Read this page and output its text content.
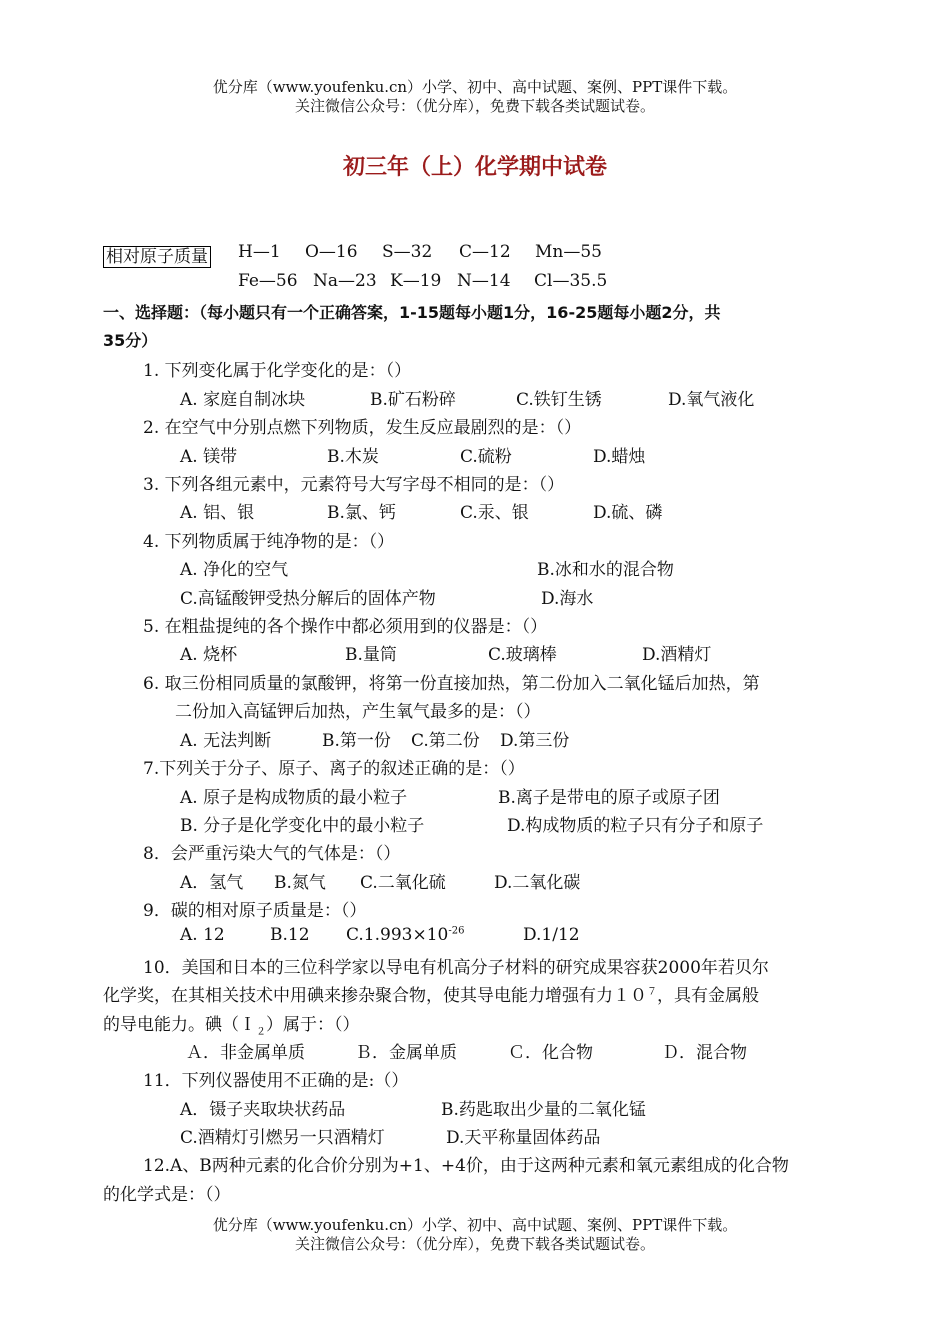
优分库（www.youfenku.cn）小学、初中、高中试题、案例、PPT课件下载。
关注微信公众号：（优分库），免费下载各类试题试卷。
初三年（上）化学期中试卷
相对原子质量 H—1 O—16 S—32 C—12 Mn—55
Fe—56 Na—23 K—19 N—14 Cl—35.5
一、选择题：（每小题只有一个正确答案，1-15题每小题1分，16-25题每小题2分，共
35分）
1. 下列变化属于化学变化的是：（）
A. 家庭自制冰块	B.矿石粉碎	C.铁钉生锈	D.氧气液化
2. 在空气中分别点燃下列物质，发生反应最剧烈的是：（）
A. 镁带	B.木炭	C.硫粉	D.蜡烛
3. 下列各组元素中，元素符号大写字母不相同的是：（）
A. 铝、银	B.氯、钙	C.汞、银	D.硫、磷
4. 下列物质属于纯净物的是：（）
A. 净化的空气	B.冰和水的混合物
C.高锰酸钾受热分解后的固体产物	D.海水
5. 在粗盐提纯的各个操作中都必须用到的仪器是：（）
A. 烧杯	B.量筒	C.玻璃棒	D.酒精灯
6. 取三份相同质量的氯酸钾，将第一份直接加热，第二份加入二氧化锰后加热，第
二份加入高锰钾后加热，产生氧气最多的是：（）
A. 无法判断	B.第一份 C.第二份 D.第三份
7.下列关于分子、原子、离子的叙述正确的是：（）
A. 原子是构成物质的最小粒子	B.离子是带电的原子或原子团
B. 分子是化学变化中的最小粒子	D.构成物质的粒子只有分子和原子
8．会严重污染大气的气体是：（）
A．氢气 B.氮气 C.二氧化硫	D.二氧化碳
9．碳的相对原子质量是：（）
A. 12	B.12 $C.1.993\times 10^{-26}$	D.1/12
10．美国和日本的三位科学家以导电有机高分子材料的研究成果容获2000年若贝尔
化学奖，在其相关技术中用碘来掺杂聚合物，使其导电能力增强有力$10^7$，具有金属般
的导电能力。碘（Ｉ$_2$）属于：（）
Ａ．非金属单质	Ｂ．金属单质	Ｃ．化合物	Ｄ．混合物
11．下列仪器使用不正确的是:（）
A．镊子夹取块状药品	B.药匙取出少量的二氧化锰
C.酒精灯引燃另一只酒精灯	D.天平称量固体药品
12.A、B两种元素的化合价分别为+1、+4价，由于这两种元素和氧元素组成的化合物
的化学式是：（）
优分库（www.youfenku.cn）小学、初中、高中试题、案例、PPT课件下载。
关注微信公众号：（优分库），免费下载各类试题试卷。
